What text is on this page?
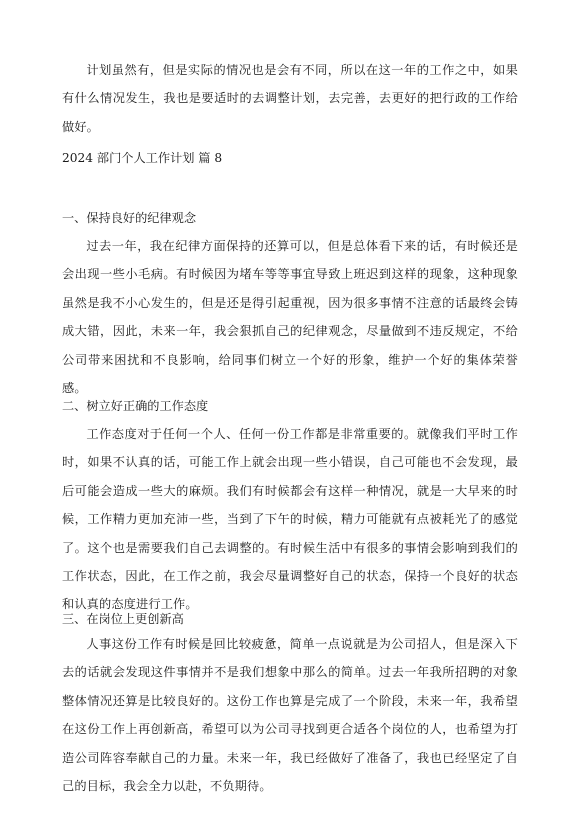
计划虽然有，但是实际的情况也是会有不同，所以在这一年的工作之中，如果有什么情况发生，我也是要适时的去调整计划，去完善，去更好的把行政的工作给做好。

2024 部门个人工作计划 篇 8

一、保持良好的纪律观念

过去一年，我在纪律方面保持的还算可以，但是总体看下来的话，有时候还是会出现一些小毛病。有时候因为堵车等等事宜导致上班迟到这样的现象，这种现象虽然是我不小心发生的，但是还是得引起重视，因为很多事情不注意的话最终会铸成大错，因此，未来一年，我会狠抓自己的纪律观念，尽量做到不违反规定，不给公司带来困扰和不良影响，给同事们树立一个好的形象，维护一个好的集体荣誉感。

二、树立好正确的工作态度

工作态度对于任何一个人、任何一份工作都是非常重要的。就像我们平时工作时，如果不认真的话，可能工作上就会出现一些小错误，自己可能也不会发现，最后可能会造成一些大的麻烦。我们有时候都会有这样一种情况，就是一大早来的时候，工作精力更加充沛一些，当到了下午的时候，精力可能就有点被耗光了的感觉了。这个也是需要我们自己去调整的。有时候生活中有很多的事情会影响到我们的工作状态，因此，在工作之前，我会尽量调整好自己的状态，保持一个良好的状态和认真的态度进行工作。

三、在岗位上更创新高

人事这份工作有时候是回比较疲惫，简单一点说就是为公司招人，但是深入下去的话就会发现这件事情并不是我们想象中那么的简单。过去一年我所招聘的对象整体情况还算是比较良好的。这份工作也算是完成了一个阶段，未来一年，我希望在这份工作上再创新高，希望可以为公司寻找到更合适各个岗位的人，也希望为打造公司阵容奉献自己的力量。未来一年，我已经做好了准备了，我也已经坚定了自己的目标，我会全力以赴，不负期待。
